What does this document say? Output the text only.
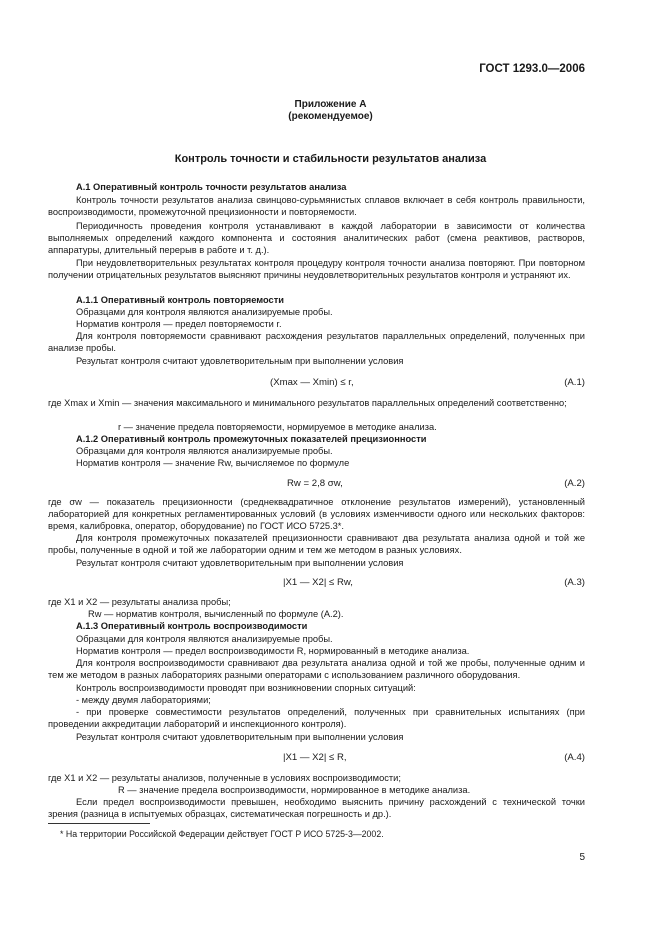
ГОСТ 1293.0—2006
Приложение А
(рекомендуемое)
Контроль точности и стабильности результатов анализа
А.1 Оперативный контроль точности результатов анализа
Контроль точности результатов анализа свинцово-сурьмянистых сплавов включает в себя контроль правильности, воспроизводимости, промежуточной прецизионности и повторяемости.
Периодичность проведения контроля устанавливают в каждой лаборатории в зависимости от количества выполняемых определений каждого компонента и состояния аналитических работ (смена реактивов, растворов, аппаратуры, длительный перерыв в работе и т. д.).
При неудовлетворительных результатах контроля процедуру контроля точности анализа повторяют. При повторном получении отрицательных результатов выясняют причины неудовлетворительных результатов контроля и устраняют их.
А.1.1 Оперативный контроль повторяемости
Образцами для контроля являются анализируемые пробы.
Норматив контроля — предел повторяемости r.
Для контроля повторяемости сравнивают расхождения результатов параллельных определений, полученных при анализе пробы.
Результат контроля считают удовлетворительным при выполнении условия
(Xmax — Xmin) ≤ r,	(А.1)
где Xmax и Xmin — значения максимального и минимального результатов параллельных определений соответственно;
r — значение предела повторяемости, нормируемое в методике анализа.
А.1.2 Оперативный контроль промежуточных показателей прецизионности
Образцами для контроля являются анализируемые пробы.
Норматив контроля — значение Rw, вычисляемое по формуле
Rw = 2,8 σw,	(А.2)
где σw — показатель прецизионности (среднеквадратичное отклонение результатов измерений), установленный лабораторией для конкретных регламентированных условий (в условиях изменчивости одного или нескольких факторов: время, калибровка, оператор, оборудование) по ГОСТ ИСО 5725.3*.
Для контроля промежуточных показателей прецизионности сравнивают два результата анализа одной и той же пробы, полученные в одной и той же лаборатории одним и тем же методом в разных условиях.
Результат контроля считают удовлетворительным при выполнении условия
|X1 — X2| ≤ Rw,	(А.3)
где X1 и X2 — результаты анализа пробы;
Rw — норматив контроля, вычисленный по формуле (А.2).
А.1.3 Оперативный контроль воспроизводимости
Образцами для контроля являются анализируемые пробы.
Норматив контроля — предел воспроизводимости R, нормированный в методике анализа.
Для контроля воспроизводимости сравнивают два результата анализа одной и той же пробы, полученные одним и тем же методом в разных лабораториях разными операторами с использованием различного оборудования.
Контроль воспроизводимости проводят при возникновении спорных ситуаций:
- между двумя лабораториями;
- при проверке совместимости результатов определений, полученных при сравнительных испытаниях (при проведении аккредитации лабораторий и инспекционного контроля).
Результат контроля считают удовлетворительным при выполнении условия
|X1 — X2| ≤ R,	(А.4)
где X1 и X2 — результаты анализов, полученные в условиях воспроизводимости;
R — значение предела воспроизводимости, нормированное в методике анализа.
Если предел воспроизводимости превышен, необходимо выяснить причину расхождений с технической точки зрения (разница в испытуемых образцах, систематическая погрешность и др.).
* На территории Российской Федерации действует ГОСТ Р ИСО 5725-3—2002.
5
